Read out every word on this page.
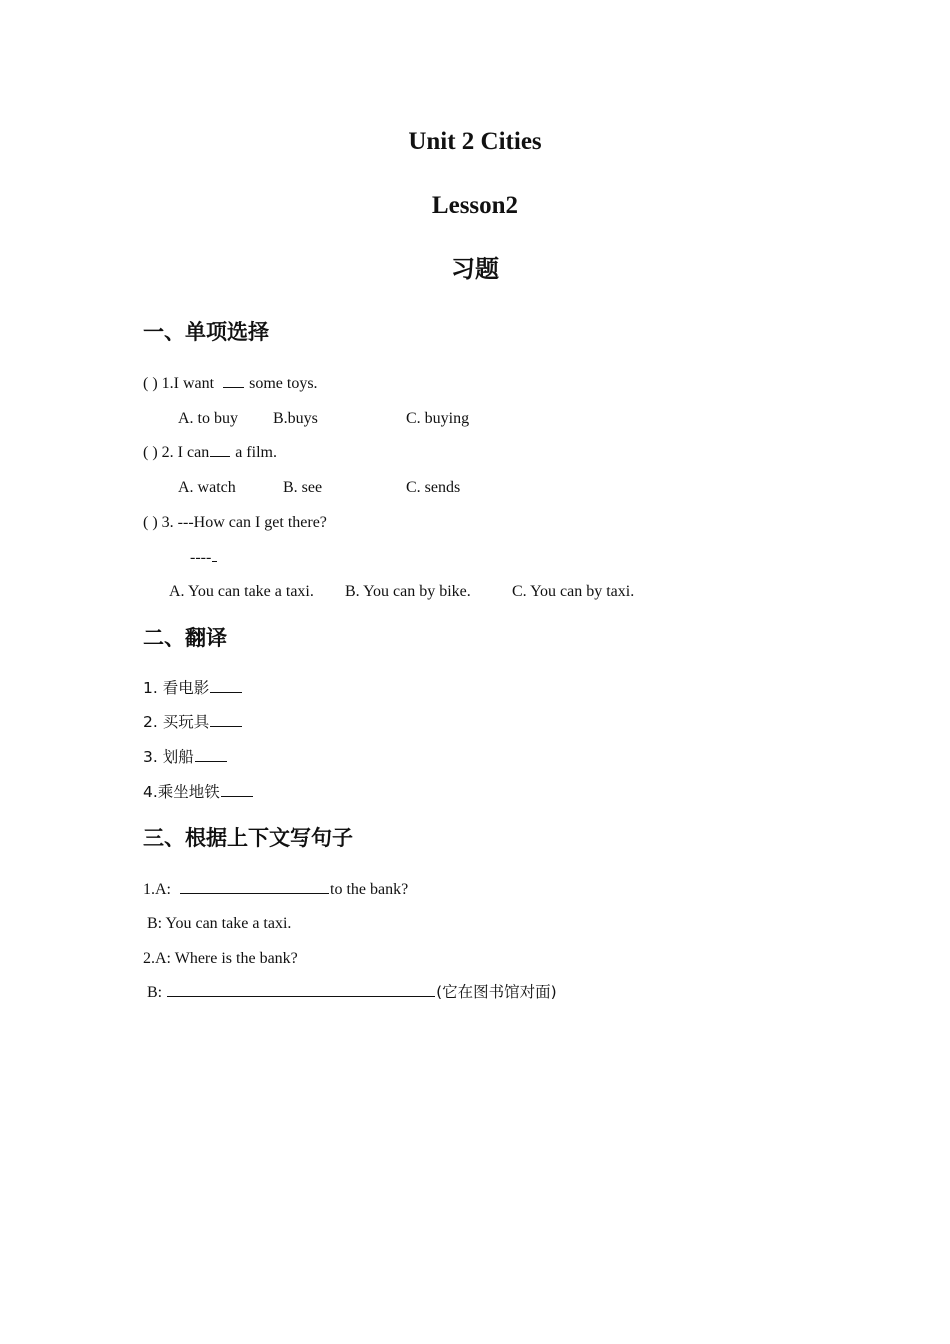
Unit 2 Cities
Lesson2
习题
一、单项选择
( ) 1.I want some toys.
A. to buy B.buys	C. buying
( ) 2. I can a film.
A. watch	B. see	C. sends
( ) 3. ---How can I get there?
----
A. You can take a taxi. B. You can by bike.	C. You can by taxi.
二、翻译
1. 看电影
2. 买玩具
3. 划船
4.乘坐地铁
三、根据上下文写句子
1.A:	to the bank?
B: You can take a taxi.
2.A: Where is the bank?
B:	(它在图书馆对面)
